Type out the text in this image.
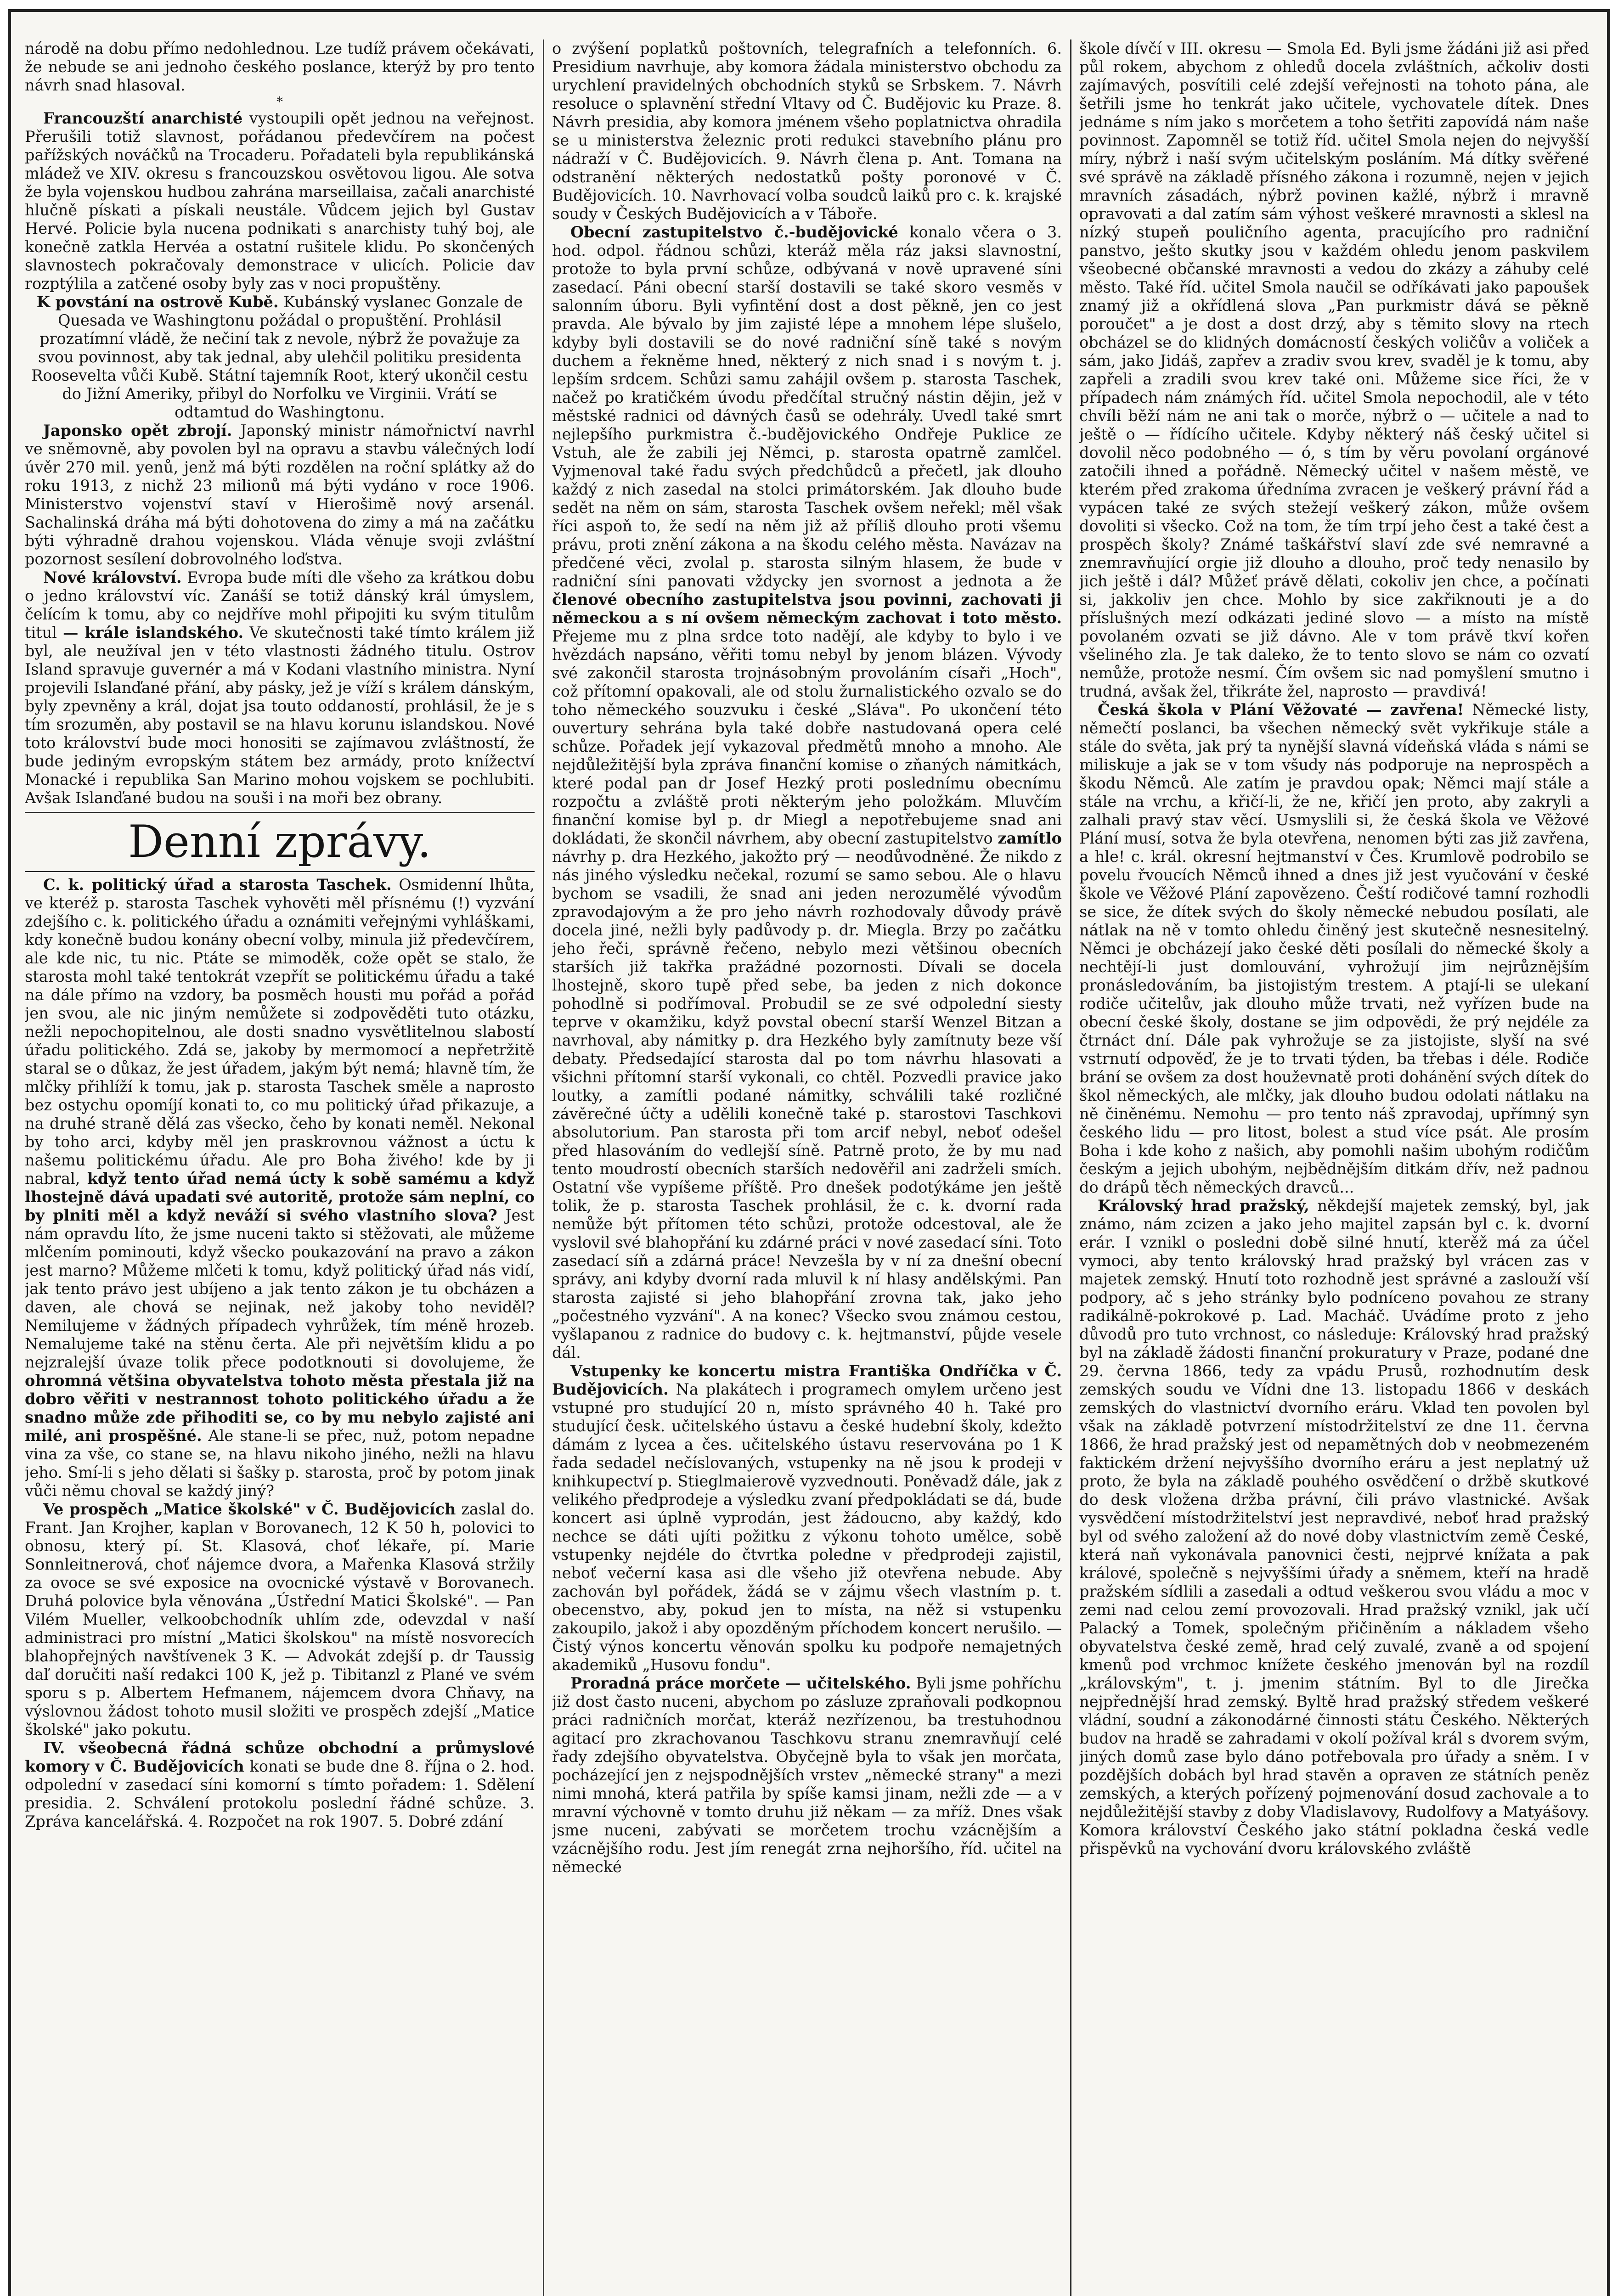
národě na dobu přímo nedohlednou. Lze tudíž právem očekávati, že nebude se ani jednoho českého poslance, kterýž by pro tento návrh snad hlasoval.

*

Francouzští anarchisté vystoupili opět jednou na veřejnost. Přerušili totiž slavnost, pořádanou předevčírem na počest pařížských nováčků na Trocaderu. Pořadateli byla republikánská mládež ve XIV. okresu s francouzskou osvětovou ligou. Ale sotva že byla vojenskou hudbou zahrána marseillaisa, začali anarchisté hlučně pískati a pískali neustále. Vůdcem jejich byl Gustav Hervé. Policie byla nucena podnikati s anarchisty tuhý boj, ale konečně zatkla Hervéa a ostatní rušitele klidu. Po skončených slavnostech pokračovaly demonstrace v ulicích. Policie dav rozptýlila a zatčené osoby byly zas v noci propuštěny.

K povstání na ostrově Kubě. Kubánský vyslanec Gonzale de Quesada ve Washingtonu požádal o propuštění. Prohlásil prozatímní vládě, že nečiní tak z nevole, nýbrž že považuje za svou povinnost, aby tak jednal, aby ulehčil politiku presidenta Roosevelta vůči Kubě. Státní tajemník Root, který ukončil cestu do Jižní Ameriky, přibyl do Norfolku ve Virginii. Vrátí se odtamtud do Washingtonu.

Japonsko opět zbrojí. Japonský ministr námořnictví navrhl ve sněmovně, aby povolen byl na opravu a stavbu válečných lodí úvěr 270 mil. yenů, jenž má býti rozdělen na roční splátky až do roku 1913, z nichž 23 milionů má býti vydáno v roce 1906. Ministerstvo vojenství staví v Hierošimě nový arsenál. Sachalinská dráha má býti dohotovena do zimy a má na začátku býti výhradně drahou vojenskou. Vláda věnuje svoji zvláštní pozornost sesílení dobrovolného loďstva.

Nové království. Evropa bude míti dle všeho za krátkou dobu o jedno království víc. Zanáší se totiž dánský král úmyslem, čelícím k tomu, aby co nejdříve mohl připojiti ku svým titulům titul — krále islandského. Ve skutečnosti také tímto králem již byl, ale neužíval jen v této vlastnosti žádného titulu. Ostrov Island spravuje guvernér a má v Kodani vlastního ministra. Nyní projevili Islanďané přání, aby pásky, jež je víží s králem dánským, byly zpevněny a král, dojat jsa touto oddaností, prohlásil, že je s tím srozuměn, aby postavil se na hlavu korunu islandskou. Nové toto království bude moci honositi se zajímavou zvláštností, že bude jediným evropským státem bez armády, proto knížectví Monacké i republika San Marino mohou vojskem se pochlubiti. Avšak Islanďané budou na souši i na moři bez obrany.

Denní zprávy.

C. k. politický úřad a starosta Taschek. Osmidenní lhůta, ve kteréž p. starosta Taschek vyhověti měl přísnému (!) vyzvání zdejšího c. k. politického úřadu a oznámiti veřejnými vyhláškami, kdy konečně budou konány obecní volby, minula již předevčírem, ale kde nic, tu nic. Ptáte se mimoděk, cože opět se stalo, že starosta mohl také tentokrát vzepřít se politickému úřadu a také na dále přímo na vzdory, ba posměch housti mu pořád a pořád jen svou, ale nic jiným nemůžete si zodpověděti tuto otázku, nežli nepochopitelnou, ale dosti snadno vysvětlitelnou slabostí úřadu politického. Zdá se, jakoby by mermomocí a nepřetržitě staral se o důkaz, že jest úřadem, jakým být nemá; hlavně tím, že mlčky přihlíží k tomu, jak p. starosta Taschek směle a naprosto bez ostychu opomíjí konati to, co mu politický úřad přikazuje, a na druhé straně dělá zas všecko, čeho by konati neměl. Nekonal by toho arci, kdyby měl jen praskrovnou vážnost a úctu k našemu politickému úřadu. Ale pro Boha živého! kde by ji nabral, když tento úřad nemá úcty k sobě samému a když lhostejně dává upadati své autoritě, protože sám neplní, co by plniti měl a když neváží si svého vlastního slova? Jest nám opravdu líto, že jsme nuceni takto si stěžovati, ale můžeme mlčením pominouti, když všecko poukazování na pravo a zákon jest marno? Můžeme mlčeti k tomu, když politický úřad nás vidí, jak tento právo jest ubíjeno a jak tento zákon je tu obcházen a daven, ale chová se nejinak, než jakoby toho neviděl? Nemilujeme v žádných případech vyhrůžek, tím méně hrozeb. Nemalujeme také na stěnu čerta. Ale při největším klidu a po nejzralejší úvaze tolik přece podotknouti si dovolujeme, že ohromná většina obyvatelstva tohoto města přestala již na dobro věřiti v nestrannost tohoto politického úřadu a že snadno může zde přihoditi se, co by mu nebylo zajisté ani milé, ani prospěšné. Ale stane-li se přec, nuž, potom nepadne vina za vše, co stane se, na hlavu nikoho jiného, nežli na hlavu jeho. Smí-li s jeho dělati si šašky p. starosta, proč by potom jinak vůči němu choval se každý jiný?

Ve prospěch „Matice školské" v Č. Budějovicích zaslal do. Frant. Jan Krojher, kaplan v Borovanech, 12 K 50 h, polovici to obnosu, který pí. St. Klasová, choť lékaře, pí. Marie Sonnleitnerová, choť nájemce dvora, a Mařenka Klasová stržily za ovoce se své exposice na ovocnické výstavě v Borovanech. Druhá polovice byla věnována „Ústřední Matici Školské". — Pan Vilém Mueller, velkoobchodník uhlím zde, odevzdal v naší administraci pro místní „Matici školskou" na místě nosvorecích blahopřejných navštívenek 3 K. — Advokát zdejší p. dr Taussig daľ doručiti naší redakci 100 K, jež p. Tibitanzl z Plané ve svém sporu s p. Albertem Hefmanem, nájemcem dvora Chňavy, na výslovnou žádost tohoto musil složiti ve prospěch zdejší „Matice školské" jako pokutu.

IV. všeobecná řádná schůze obchodní a průmyslové komory v Č. Budějovicích konati se bude dne 8. října o 2. hod. odpolední v zasedací síni komorní s tímto pořadem: 1. Sdělení presidia. 2. Schválení protokolu poslední řádné schůze. 3. Zpráva kancelářská. 4. Rozpočet na rok 1907. 5. Dobré zdání

o zvýšení poplatků poštovních, telegrafních a telefonních. 6. Presidium navrhuje, aby komora žádala ministerstvo obchodu za urychlení pravidelných obchodních styků se Srbskem. 7. Návrh resoluce o splavnění střední Vltavy od Č. Budějovic ku Praze. 8. Návrh presidia, aby komora jménem všeho poplatnictva ohradila se u ministerstva železnic proti redukci stavebního plánu pro nádraží v Č. Budějovicích. 9. Návrh člena p. Ant. Tomana na odstranění některých nedostatků pošty poronové v Č. Budějovicích. 10. Navrhovací volba soudců laiků pro c. k. krajské soudy v Českých Budějovicích a v Táboře.

Obecní zastupitelstvo č.-budějovické konalo včera o 3. hod. odpol. řádnou schůzi, kteráž měla ráz jaksi slavnostní, protože to byla první schůze, odbývaná v nově upravené síni zasedací. Páni obecní starší dostavili se také skoro vesměs v salonním úboru. Byli vyfintění dost a dost pěkně, jen co jest pravda. Ale bývalo by jim zajisté lépe a mnohem lépe slušelo, kdyby byli dostavili se do nové radniční síně také s novým duchem a řekněme hned, některý z nich snad i s novým t. j. lepším srdcem. Schůzi samu zahájil ovšem p. starosta Taschek, načež po kratičkém úvodu předčítal stručný nástin dějin, jež v městské radnici od dávných časů se odehrály. Uvedl také smrt nejlepšího purkmistra č.-budějovického Ondřeje Puklice ze Vstuh, ale že zabili jej Němci, p. starosta opatrně zamlčel. Vyjmenoval také řadu svých předchůdců a přečetl, jak dlouho každý z nich zasedal na stolci primátorském. Jak dlouho bude sedět na něm on sám, starosta Taschek ovšem neřekl; měl však říci aspoň to, že sedí na něm již až příliš dlouho proti všemu právu, proti znění zákona a na škodu celého města. Navázav na předčené věci, zvolal p. starosta silným hlasem, že bude v radniční síni panovati vždycky jen svornost a jednota a že členové obecního zastupitelstva jsou povinni, zachovati ji německou a s ní ovšem německým zachovat i toto město. Přejeme mu z plna srdce toto nadějí, ale kdyby to bylo i ve hvězdách napsáno, věřiti tomu nebyl by jenom blázen. Vývody své zakončil starosta trojnásobným provoláním císaři „Hoch", což přítomní opakovali, ale od stolu žurnalistického ozvalo se do toho německého souzvuku i české „Sláva". Po ukončení této ouvertury sehrána byla také dobře nastudovaná opera celé schůze. Pořadek její vykazoval předmětů mnoho a mnoho. Ale nejdůležitější byla zpráva finanční komise o zňaných námitkách, které podal pan dr Josef Hezký proti poslednímu obecnímu rozpočtu a zvláště proti některým jeho položkám. Mluvčím finanční komise byl p. dr Miegl a nepotřebujeme snad ani dokládati, že skončil návrhem, aby obecní zastupitelstvo zamítlo návrhy p. dra Hezkého, jakožto prý — neodůvodněné. Že nikdo z nás jiného výsledku nečekal, rozumí se samo sebou. Ale o hlavu bychom se vsadili, že snad ani jeden nerozumělé vývodům zpravodajovým a že pro jeho návrh rozhodovaly důvody právě docela jiné, nežli byly padůvody p. dr. Miegla. Brzy po začátku jeho řeči, správně řečeno, nebylo mezi většinou obecních starších již takřka pražádné pozornosti. Dívali se docela lhostejně, skoro tupě před sebe, ba jeden z nich dokonce pohodlně si podřímoval. Probudil se ze své odpolední siesty teprve v okamžiku, když povstal obecní starší Wenzel Bitzan a navrhoval, aby námitky p. dra Hezkého byly zamítnuty beze vší debaty. Předsedající starosta dal po tom návrhu hlasovati a všichni přítomní starší vykonali, co chtěl. Pozvedli pravice jako loutky, a zamítli podané námitky, schválili také rozličné závěrečné účty a udělili konečně také p. starostovi Taschkovi absolutorium. Pan starosta při tom arcif nebyl, neboť odešel před hlasováním do vedlejší síně. Patrně proto, že by mu nad tento moudrostí obecních starších nedověřil ani zadrželi smích. Ostatní vše vypíšeme příště. Pro dnešek podotýkáme jen ještě tolik, že p. starosta Taschek prohlásil, že c. k. dvorní rada nemůže být přítomen této schůzi, protože odcestoval, ale že vyslovil své blahopřání ku zdárné práci v nové zasedací síni. Toto zasedací síň a zdárná práce! Nevzešla by v ní za dnešní obecní správy, ani kdyby dvorní rada mluvil k ní hlasy andělskými. Pan starosta zajisté si jeho blahopřání zrovna tak, jako jeho „počestného vyzvání". A na konec? Všecko svou známou cestou, vyšlapanou z radnice do budovy c. k. hejtmanství, půjde vesele dál.

Vstupenky ke koncertu mistra Františka Ondříčka v Č. Budějovicích. Na plakátech i programech omylem určeno jest vstupné pro studující 20 n, místo správného 40 h. Také pro studující česk. učitelského ústavu a české hudební školy, kdežto dámám z lycea a čes. učitelského ústavu reservována po 1 K řada sedadel nečíslovaných, vstupenky na ně jsou k prodeji v knihkupectví p. Stieglmaierově vyzvednouti. Poněvadž dále, jak z velikého předprodeje a výsledku zvaní předpokládati se dá, bude koncert asi úplně vyprodán, jest žádoucno, aby každý, kdo nechce se dáti ujíti požitku z výkonu tohoto umělce, sobě vstupenky nejdéle do čtvrtka poledne v předprodeji zajistil, neboť večerní kasa asi dle všeho již otevřena nebude. Aby zachován byl pořádek, žádá se v zájmu všech vlastním p. t. obecenstvo, aby, pokud jen to místa, na něž si vstupenku zakoupilo, jakož i aby opozděným příchodem koncert nerušilo. — Čistý výnos koncertu věnován spolku ku podpoře nemajetných akademiků „Husovu fondu".

Proradná práce morčete — učitelského. Byli jsme pohříchu již dost často nuceni, abychom po zásluze zpraňovali podkopnou práci radničních morčat, kteráž nezřízenou, ba trestuhodnou agitací pro zkrachovanou Taschkovu stranu znemravňují celé řady zdejšího obyvatelstva. Obyčejně byla to však jen morčata, pocházející jen z nejspodnějších vrstev „německé strany" a mezi nimi mnohá, která patřila by spíše kamsi jinam, nežli zde — a v mravní výchovně v tomto druhu již někam — za mříž. Dnes však jsme nuceni, zabývati se morčetem trochu vzácnějším a vzácnějšího rodu. Jest jím renegát zrna nejhoršího, říd. učitel na německé

škole dívčí v III. okresu — Smola Ed. Byli jsme žádáni již asi před půl rokem, abychom z ohledů docela zvláštních, ačkoliv dosti zajímavých, posvítili celé zdejší veřejnosti na tohoto pána, ale šetřili jsme ho tenkrát jako učitele, vychovatele dítek. Dnes jednáme s ním jako s morčetem a toho šetřiti zapovídá nám naše povinnost. Zapomněl se totiž říd. učitel Smola nejen do nejvyšší míry, nýbrž i naší svým učitelským posláním. Má dítky svěřené své správě na základě přísného zákona i rozumně, nejen v jejich mravních zásadách, nýbrž povinen kažlé, nýbrž i mravně opravovati a dal zatím sám výhost veškeré mravnosti a sklesl na nízký stupeň pouličního agenta, pracujícího pro radniční panstvo, ješto skutky jsou v každém ohledu jenom paskvilem všeobecné občanské mravnosti a vedou do zkázy a záhuby celé město. Také říd. učitel Smola naučil se odříkávati jako papoušek znamý již a okřídlená slova „Pan purkmistr dává se pěkně poroučet" a je dost a dost drzý, aby s těmito slovy na rtech obcházel se do klidných domácností českých voličův a voliček a sám, jako Jidáš, zapřev a zradiv svou krev, svaděl je k tomu, aby zapřeli a zradili svou krev také oni. Můžeme sice říci, že v případech nám známých říd. učitel Smola nepochodil, ale v této chvíli běží nám ne ani tak o morče, nýbrž o — učitele a nad to ještě o — řídícího učitele. Kdyby některý náš český učitel si dovolil něco podobného — ó, s tím by věru povolaní orgánové zatočili ihned a pořádně. Německý učitel v našem městě, ve kterém před zrakoma úředníma zvracen je veškerý právní řád a vypácen také ze svých stežejí veškerý zákon, může ovšem dovoliti si všecko. Což na tom, že tím trpí jeho čest a také čest a prospěch školy? Známé taškářství slaví zde své nemravné a znemravňující orgie již dlouho a dlouho, proč tedy nenasilo by jich ještě i dál? Můžeť právě dělati, cokoliv jen chce, a počínati si, jakkoliv jen chce. Mohlo by sice zakřiknouti je a do příslušných mezí odkázati jediné slovo — a místo na místě povolaném ozvati se již dávno. Ale v tom právě tkví kořen všeliného zla. Je tak daleko, že to tento slovo se nám co ozvatí nemůže, protože nesmí. Čím ovšem sic nad pomyšlení smutno i trudná, avšak žel, třikráte žel, naprosto — pravdivá!

Česká škola v Plání Věžovaté — zavřena! Německé listy, němečtí poslanci, ba všechen německý svět vykřikuje stále a stále do světa, jak prý ta nynější slavná vídeňská vláda s námi se miliskuje a jak se v tom všudy nás podporuje na neprospěch a škodu Němců. Ale zatím je pravdou opak; Němci mají stále a stále na vrchu, a křičí-li, že ne, křičí jen proto, aby zakryli a zalhali pravý stav věcí. Usmyslili si, že česká škola ve Věžové Plání musí, sotva že byla otevřena, nenomen býti zas již zavřena, a hle! c. král. okresní hejtmanství v Čes. Krumlově podrobilo se povelu řvoucích Němců ihned a dnes již jest vyučování v české škole ve Věžové Plání zapovězeno. Čeští rodičové tamní rozhodli se sice, že dítek svých do školy německé nebudou posílati, ale nátlak na ně v tomto ohledu činěný jest skutečně nesnesitelný. Němci je obcházejí jako české děti posílali do německé školy a nechtějí-li just domlouvání, vyhrožují jim nejrůznějším pronásledováním, ba jistojistým trestem. A ptají-li se ulekaní rodiče učitelův, jak dlouho může trvati, než vyřízen bude na obecní české školy, dostane se jim odpovědi, že prý nejdéle za čtrnáct dní. Dále pak vyhrožuje se za jistojiste, slyší na své vstrnutí odpověď, že je to trvati týden, ba třebas i déle. Rodiče brání se ovšem za dost houževnatě proti dohánění svých dítek do škol německých, ale mlčky, jak dlouho budou odolati nátlaku na ně činěnému. Nemohu — pro tento náš zpravodaj, upřímný syn českého lidu — pro litost, bolest a stud více psát. Ale prosím Boha i kde koho z našich, aby pomohli našim ubohým rodičům českým a jejich ubohým, nejbědnějším ditkám dřív, než padnou do drápů těch německých dravců...

Královský hrad pražský, někdejší majetek zemský, byl, jak známo, nám zcizen a jako jeho majitel zapsán byl c. k. dvorní erár. I vznikl o posledni době silné hnutí, kterěž má za účel vymoci, aby tento královský hrad pražský byl vrácen zas v majetek zemský. Hnutí toto rozhodně jest správné a zaslouží vší podpory, ač s jeho stránky bylo podnícenо povahou ze strany radikálně-pokrokové p. Lad. Macháč. Uvádíme proto z jeho důvodů pro tuto vrchnost, co následuje: Královský hrad pražský byl na základě žádosti finanční prokuratury v Praze, podané dne 29. června 1866, tedy za vpádu Prusů, rozhodnutím desk zemských soudu ve Vídni dne 13. listopadu 1866 v deskách zemských do vlastnictví dvorního eráru. Vklad ten povolen byl však na základě potvrzení místodržitelství ze dne 11. června 1866, že hrad pražský jest od nepamětných dob v neobmezeném faktickém držení nejvyššího dvorního eráru a jest neplatný už proto, že byla na základě pouhého osvědčení o držbě skutkové do desk vložena držba právní, čili právo vlastnické. Avšak vysvědčení místodržitelství jest nepravdivé, neboť hrad pražský byl od svého založení až do nové doby vlastnictvím země České, která naň vykonávala panovnici česti, nejprvé knížata a pak králové, společně s nejvyššími úřady a sněmem, kteří na hradě pražském sídlili a zasedali a odtud veškerou svou vládu a moc v zemi nad celou zemí provozovali. Hrad pražský vznikl, jak učí Palacký a Tomek, společným přičiněním a nákladem všeho obyvatelstva české země, hrad celý zuvalé, zvaně a od spojení kmenů pod vrchmoc knížete českého jmenován byl na rozdíl „královským", t. j. jmenim státním. Byl to dle Jirečka nejpřednější hrad zemský. Byltě hrad pražský středem veškeré vládní, soudní a zákonodárné činnosti státu Českého. Některých budov na hradě se zahradami v okolí požíval král s dvorem svým, jiných domů zase bylo dáno potřebovala pro úřady a sněm. I v pozdějších dobách byl hrad stavěn a opraven ze státních peněz zemských, a kterých pořízený pojmenování dosud zachovale a to nejdůležitější stavby z doby Vladislavovy, Rudolfovy a Matyášovy. Komora království Českého jako státní pokladna česká vedle přispěvků na vychování dvoru královského zvláště
